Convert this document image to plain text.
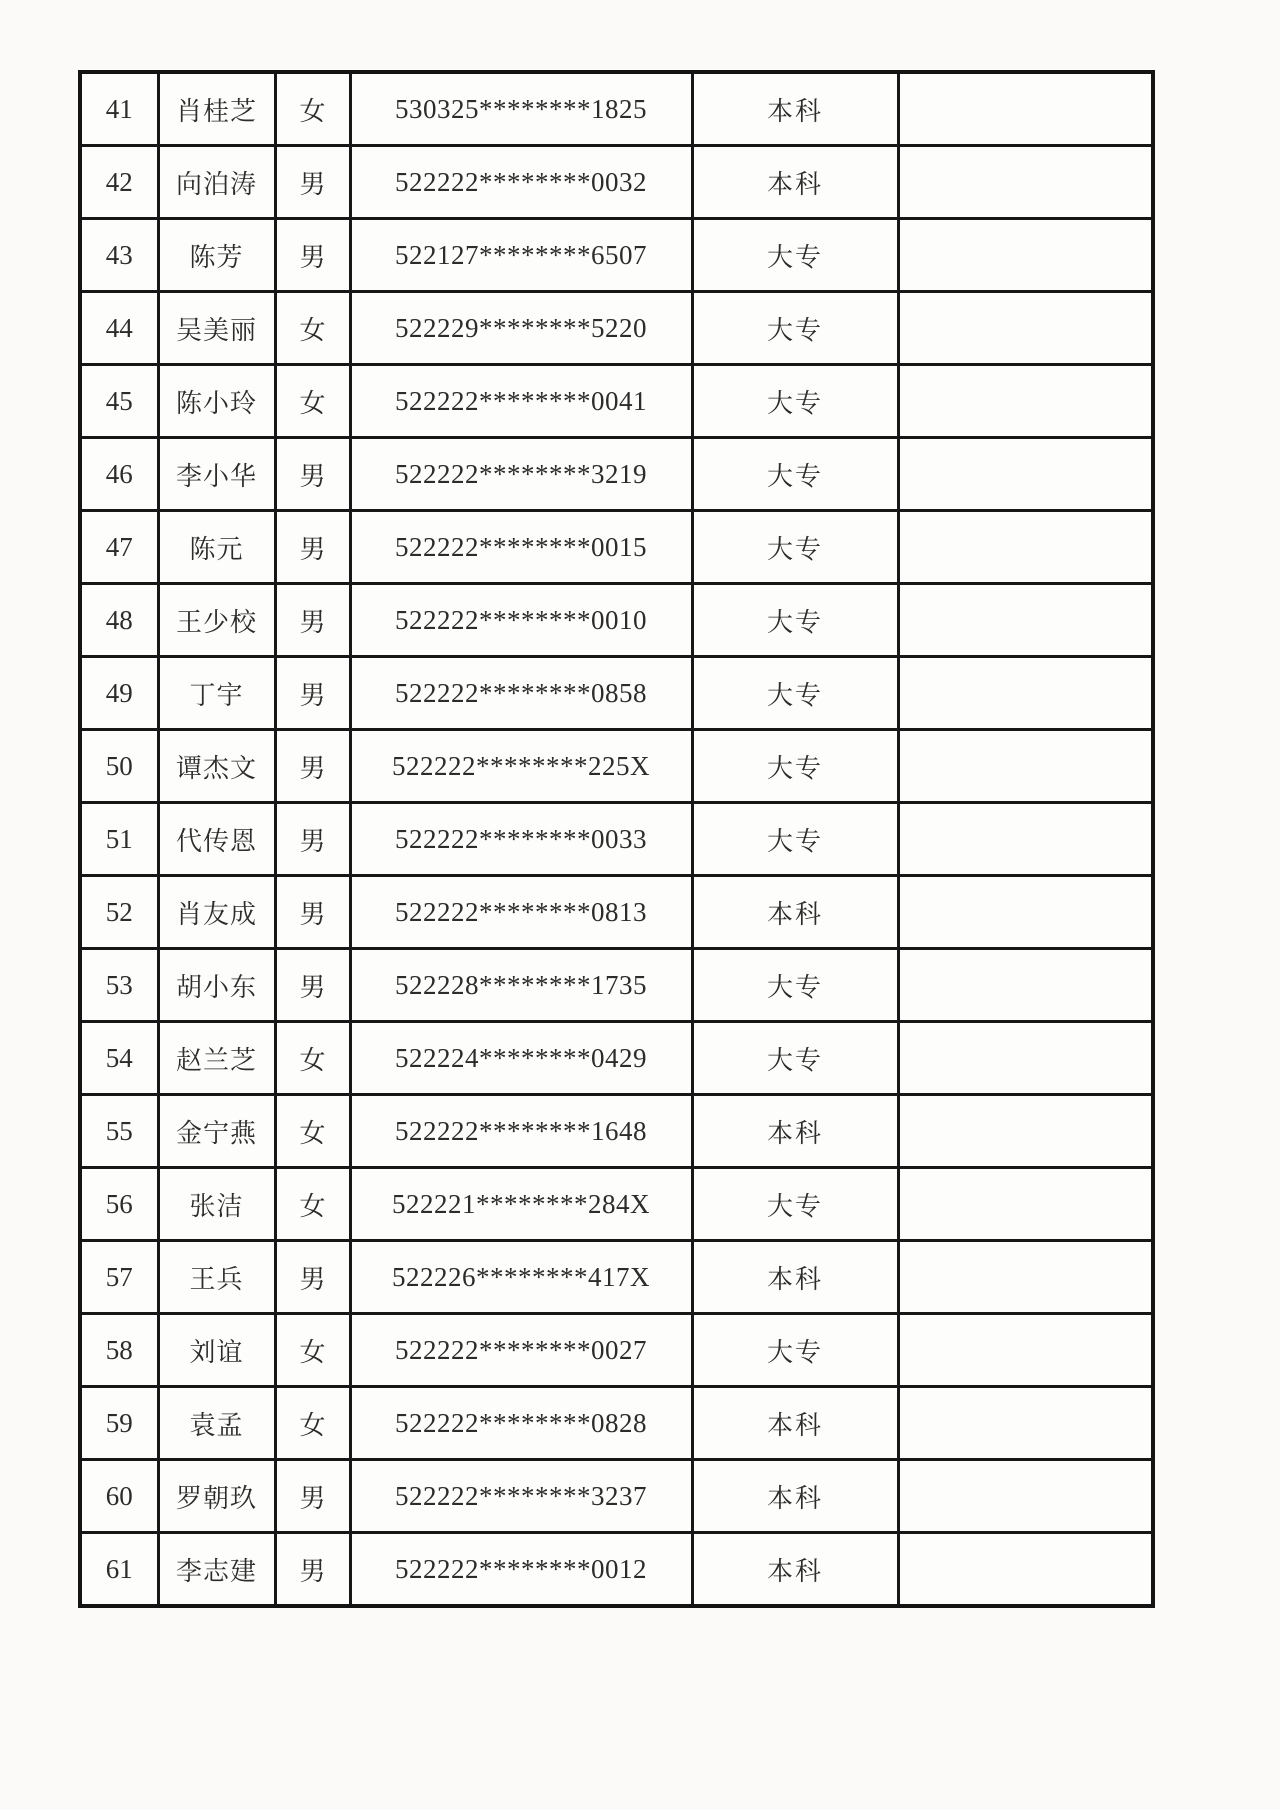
41	肖桂芝	女	530325********1825	本科	
42	向泊涛	男	522222********0032	本科	
43	陈芳	男	522127********6507	大专	
44	吴美丽	女	522229********5220	大专	
45	陈小玲	女	522222********0041	大专	
46	李小华	男	522222********3219	大专	
47	陈元	男	522222********0015	大专	
48	王少校	男	522222********0010	大专	
49	丁宇	男	522222********0858	大专	
50	谭杰文	男	522222********225X	大专	
51	代传恩	男	522222********0033	大专	
52	肖友成	男	522222********0813	本科	
53	胡小东	男	522228********1735	大专	
54	赵兰芝	女	522224********0429	大专	
55	金宁燕	女	522222********1648	本科	
56	张洁	女	522221********284X	大专	
57	王兵	男	522226********417X	本科	
58	刘谊	女	522222********0027	大专	
59	袁孟	女	522222********0828	本科	
60	罗朝玖	男	522222********3237	本科	
61	李志建	男	522222********0012	本科	
